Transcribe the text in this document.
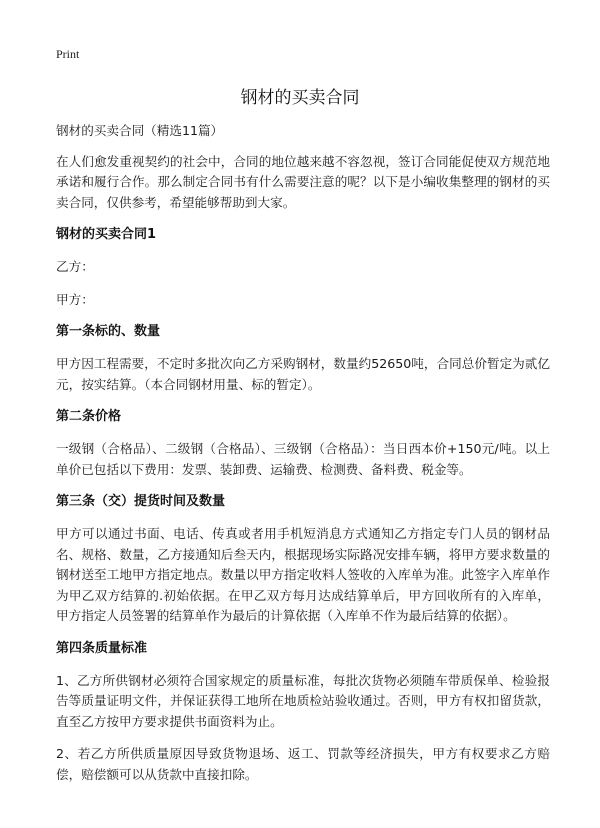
Print
钢材的买卖合同

钢材的买卖合同（精选11篇）

在人们愈发重视契约的社会中，合同的地位越来越不容忽视，签订合同能促使双方规范地承诺和履行合作。那么制定合同书有什么需要注意的呢？以下是小编收集整理的钢材的买卖合同，仅供参考，希望能够帮助到大家。

钢材的买卖合同1

乙方：

甲方：

第一条标的、数量

甲方因工程需要，不定时多批次向乙方采购钢材，数量约52650吨，合同总价暂定为贰亿元，按实结算。（本合同钢材用量、标的暂定）。

第二条价格

一级钢（合格品）、二级钢（合格品）、三级钢（合格品）：当日西本价+150元/吨。以上单价已包括以下费用：发票、装卸费、运输费、检测费、备料费、税金等。

第三条（交）提货时间及数量

甲方可以通过书面、电话、传真或者用手机短消息方式通知乙方指定专门人员的钢材品名、规格、数量，乙方接通知后叁天内，根据现场实际路况安排车辆，将甲方要求数量的钢材送至工地甲方指定地点。数量以甲方指定收料人签收的入库单为准。此签字入库单作为甲乙双方结算的.初始依据。在甲乙双方每月达成结算单后，甲方回收所有的入库单，甲方指定人员签署的结算单作为最后的计算依据（入库单不作为最后结算的依据）。

第四条质量标准

1、乙方所供钢材必须符合国家规定的质量标准，每批次货物必须随车带质保单、检验报告等质量证明文件，并保证获得工地所在地质检站验收通过。否则，甲方有权扣留货款，直至乙方按甲方要求提供书面资料为止。

2、若乙方所供质量原因导致货物退场、返工、罚款等经济损失，甲方有权要求乙方赔偿，赔偿额可以从货款中直接扣除。
